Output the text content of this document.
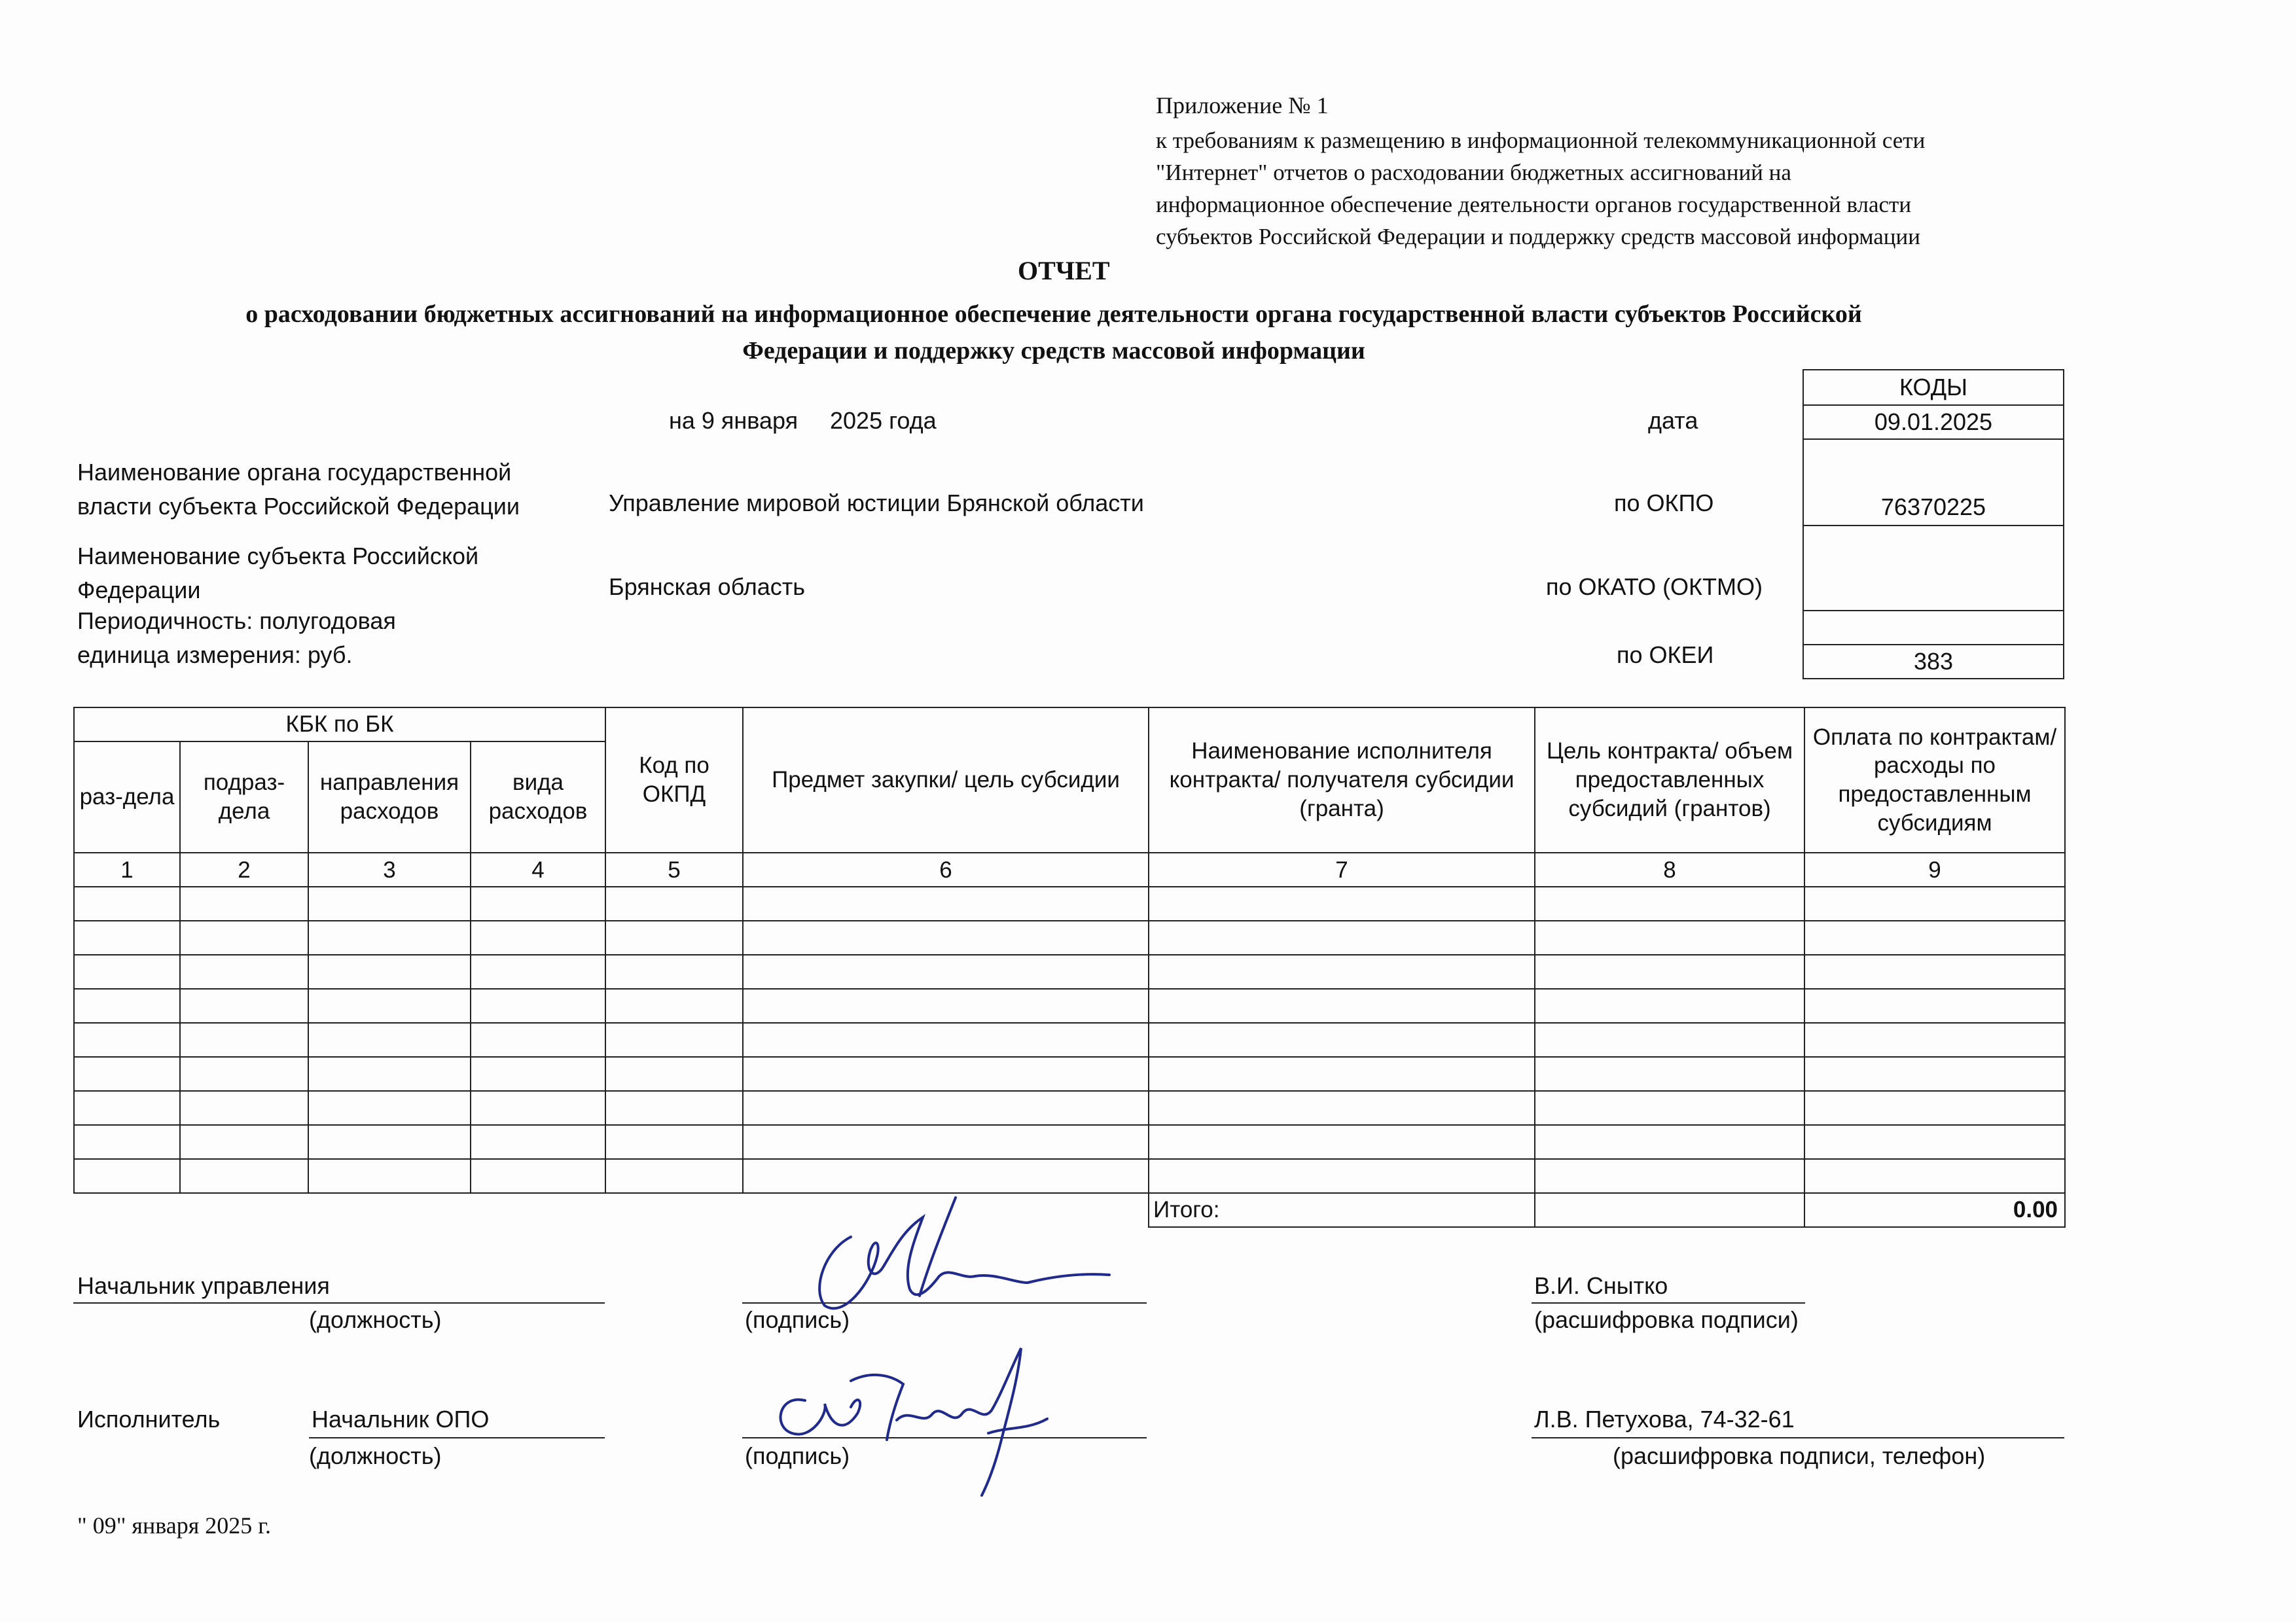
Приложение № 1
к требованиям к размещению в информационной телекоммуникационной сети
"Интернет" отчетов о расходовании бюджетных ассигнований на
информационное обеспечение деятельности органов государственной власти
субъектов Российской Федерации и поддержку средств массовой информации
ОТЧЕТ
о расходовании бюджетных ассигнований на информационное обеспечение деятельности органа государственной власти субъектов Российской
Федерации и поддержку средств массовой информации
на 9 января 2025 года	дата
КОДЫ
09.01.2025
76370225

383
Наименование органа государственной
власти субъекта Российской Федерации	Управление мировой юстиции Брянской области	по ОКПО
Наименование субъекта Российской
Федерации	Брянская область	по ОКАТО (ОКТМО)
Периодичность: полугодовая
единица измерения: руб.	по ОКЕИ
КБК по БК				Код по ОКПД	Предмет закупки/ цель субсидии	Наименование исполнителя контракта/ получателя субсидии (гранта)	Цель контракта/ объем предоставленных субсидий (грантов)	Оплата по контрактам/расходы по предоставленным субсидиям
раз-дела	подраз-дела	направления расходов	вида расходов					
1	2	3	4	5	6	7	8	9

						Итого:		0.00
Начальник управления	В.И. Снытко
(должность)	(подпись)	(расшифровка подписи)
Исполнитель	Начальник ОПО	Л.В. Петухова, 74-32-61
(должность)	(подпись)	(расшифровка подписи, телефон)
" 09" января 2025 г.
